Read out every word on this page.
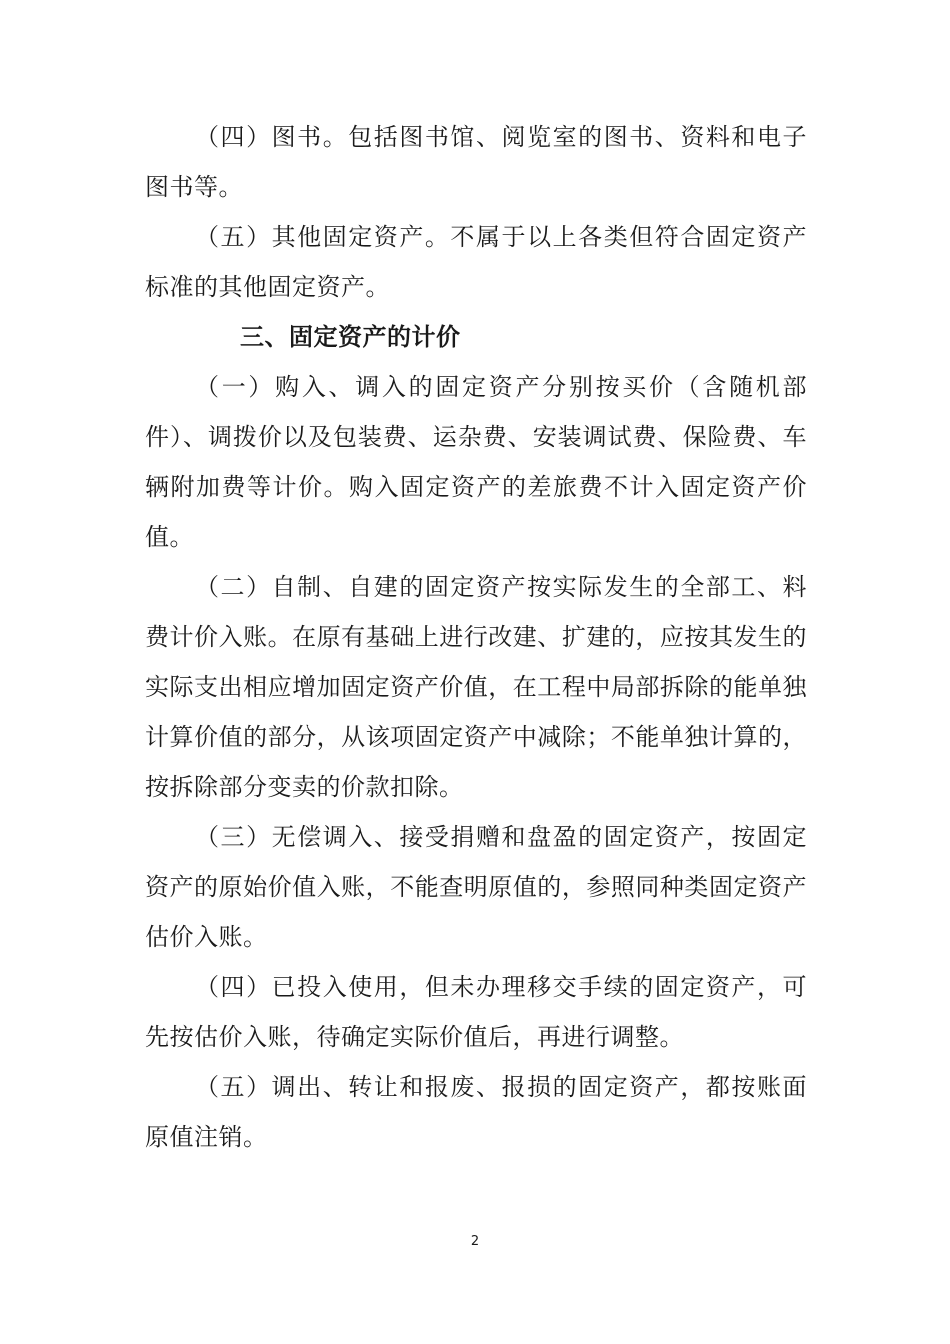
（四）图书。包括图书馆、阅览室的图书、资料和电子图书等。

（五）其他固定资产。不属于以上各类但符合固定资产标准的其他固定资产。

三、固定资产的计价

（一）购入、调入的固定资产分别按买价（含随机部件）、调拨价以及包装费、运杂费、安装调试费、保险费、车辆附加费等计价。购入固定资产的差旅费不计入固定资产价值。

（二）自制、自建的固定资产按实际发生的全部工、料费计价入账。在原有基础上进行改建、扩建的，应按其发生的实际支出相应增加固定资产价值，在工程中局部拆除的能单独计算价值的部分，从该项固定资产中减除；不能单独计算的，按拆除部分变卖的价款扣除。

（三）无偿调入、接受捐赠和盘盈的固定资产，按固定资产的原始价值入账，不能查明原值的，参照同种类固定资产估价入账。

（四）已投入使用，但未办理移交手续的固定资产，可先按估价入账，待确定实际价值后，再进行调整。

（五）调出、转让和报废、报损的固定资产，都按账面原值注销。

2
